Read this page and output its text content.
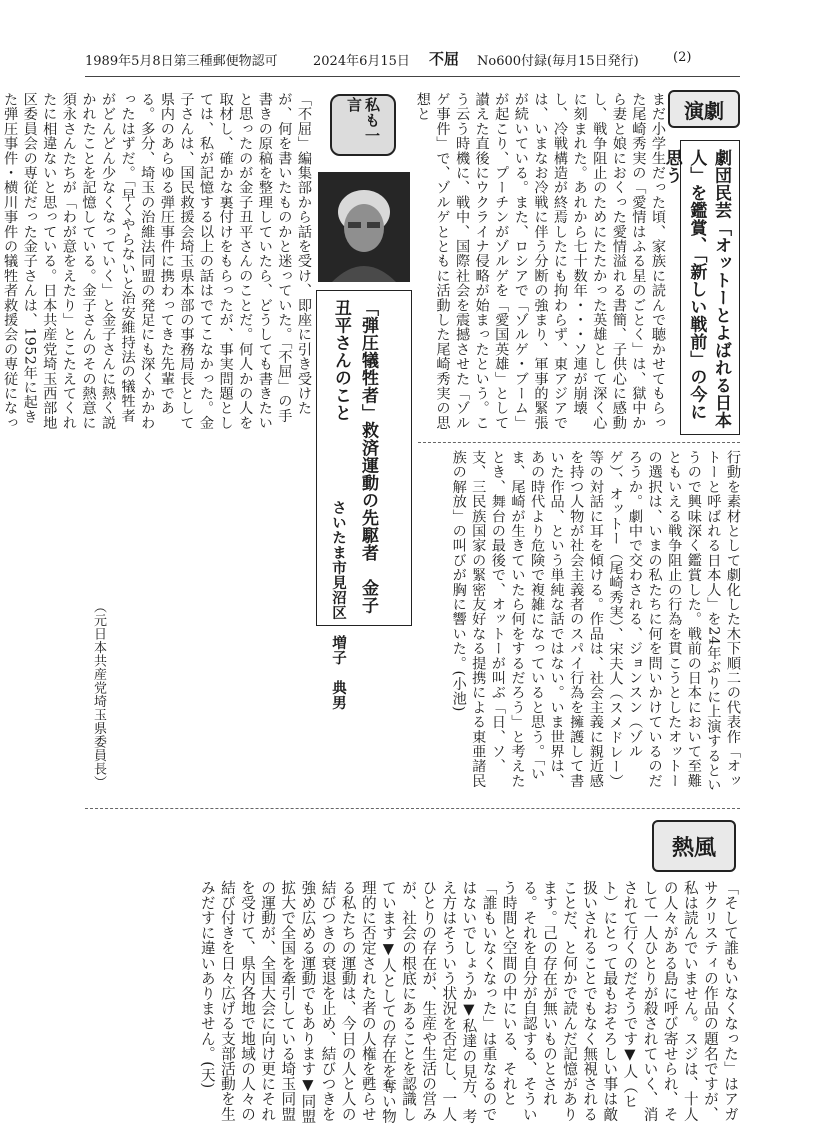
1989年5月8日第三種郵便物認可	2024年6月15日 不屈 No600付録(毎月15日発行)	(2)
演劇
劇団民芸「オットーとよばれる日本人」を鑑賞、「新しい戦前」の今に思う
まだ小学生だった頃、家族に読んで聴かせてもらった尾崎秀実の「愛情はふる星のごとく」は、獄中から妻と娘におくった愛情溢れる書簡、子供心に感動し、戦争阻止のためにたたかった英雄として深く心に刻まれた。あれから七十数年・・・ソ連が崩壊し、冷戦構造が終焉したにも拘わらず、東アジアでは、いまなお冷戦に伴う分断の強まり、軍事的緊張が続いている。また、ロシアで「ゾルゲ・ブーム」が起こり、プーチンがゾルゲを「愛国英雄」として讃えた直後にウクライナ侵略が始まったという。こう云う時機に、戦中、国際社会を震撼させた「ゾルゲ事件」で、ゾルゲとともに活動した尾崎秀実の思想と
行動を素材として劇化した木下順二の代表作「オットーと呼ばれる日本人」を24年ぶりに上演するというので興味深く鑑賞した。戦前の日本において至難ともいえる戦争阻止の行為を貫こうとしたオットーの選択は、いまの私たちに何を問いかけているのだろうか。劇中で交わされる、ジョンスン（ゾルゲ）、オットー（尾崎秀実）、宋夫人（スメドレー）等の対話に耳を傾ける。作品は、社会主義に親近感を持つ人物が社会主義者のスパイ行為を擁護して書いた作品、という単純な話ではない。いま世界は、あの時代より危険で複雑になっていると思う。「いま、尾崎が生きていたら何をするだろう」と考えたとき、舞台の最後で、オットーが叫ぶ「日、ソ、支、三民族国家の緊密友好なる提携による東亜諸民族の解放」の叫びが胸に響いた。(小池)
私も一言
「弾圧犠牲者」救済運動の先駆者　金子丑平さんのこと
さいたま市見沼区　増子　典男
「不屈」編集部から話を受け、即座に引き受けたが、何を書いたものかと迷っていた。「不屈」の手書きの原稿を整理していたら、どうしても書きたいと思ったのが金子丑平さんのことだ。何人かの人を取材し、確かな裏付けをもらったが、事実問題としては、私が記憶する以上の話はでてこなかった。金子さんは、国民救援会埼玉県本部の事務局長として県内のあらゆる弾圧事件に携わってきた先輩である。多分、埼玉の治維法同盟の発足にも深くかかわったはずだ。「早くやらないと治安維持法の犠牲者がどんどん少なくなっていく」と金子さんに熱く説かれたことを記憶している。金子さんのその熱意に須永さんたちが「わが意をえたり」とこたえてくれたに相違ないと思っている。日本共産党埼玉西部地区委員会の専従だった金子さんは、1952年に起きた弾圧事件・横川事件の犠牲者救援会の専従になっ
（元日本共産党埼玉県委員長）
熱風
「そして誰もいなくなった」はアガサクリスティの作品の題名ですが、私は読んでいません。スジは、十人の人々がある島に呼び寄せられ、そして一人ひとりが殺されていく、消されて行くのだそうです▼人（ヒト）にとって最もおそろしい事は敵扱いされることでもなく無視されることだ、と何かで読んだ記憶があります。己の存在が無いものとされる。それを自分が自認する、そういう時間と空間の中にいる、それと「誰もいなくなった」は重なるのではないでしょうか▼私達の見方、考え方はそういう状況を否定し、一人ひとりの存在が、生産や生活の営みが、社会の根底にあることを認識しています▼人としての存在を奪い物理的に否定された者の人権を甦らせる私たちの運動は、今日の人と人の結びつきの衰退を止め、結びつきを強め広める運動でもあります▼同盟拡大で全国を牽引している埼玉同盟の運動が、全国大会に向け更にそれを受けて、県内各地で地域の人々の結び付きを日々広げる支部活動を生みだすに違いありません。(天)
